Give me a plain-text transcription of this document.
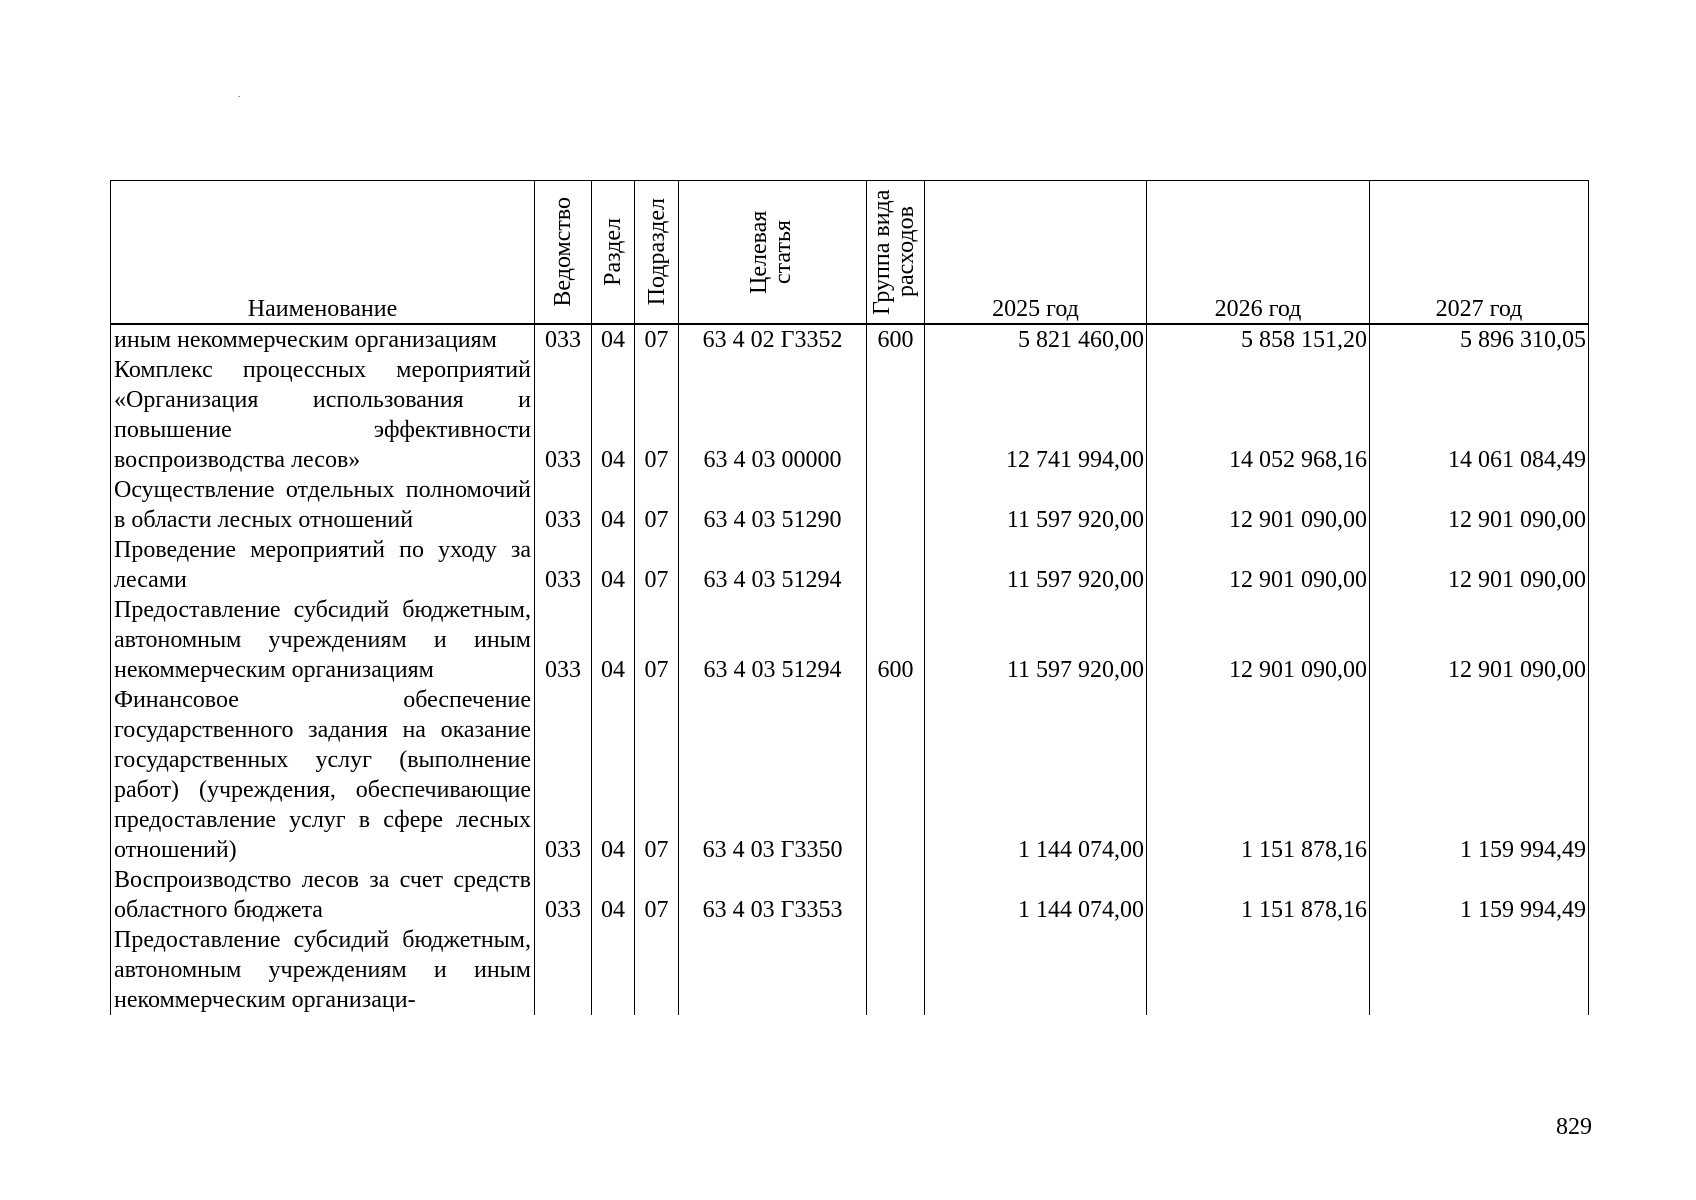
Наименование	Ведомство	Раздел	Подраздел	Целевая статья	Группа вида расходов	2025 год	2026 год	2027 год
иным некоммерческим организациям	033	04	07	63 4 02 Г3352	600	5 821 460,00	5 858 151,20	5 896 310,05
Комплекс процессных мероприятий «Организация использования и повышение эффективности воспроизводства лесов»	033	04	07	63 4 03 00000		12 741 994,00	14 052 968,16	14 061 084,49
Осуществление отдельных полномочий в области лесных отношений	033	04	07	63 4 03 51290		11 597 920,00	12 901 090,00	12 901 090,00
Проведение мероприятий по уходу за лесами	033	04	07	63 4 03 51294		11 597 920,00	12 901 090,00	12 901 090,00
Предоставление субсидий бюджетным, автономным учреждениям и иным некоммерческим организациям	033	04	07	63 4 03 51294	600	11 597 920,00	12 901 090,00	12 901 090,00
Финансовое обеспечение государственного задания на оказание государственных услуг (выполнение работ) (учреждения, обеспечивающие предоставление услуг в сфере лесных отношений)	033	04	07	63 4 03 Г3350		1 144 074,00	1 151 878,16	1 159 994,49
Воспроизводство лесов за счет средств областного бюджета	033	04	07	63 4 03 Г3353		1 144 074,00	1 151 878,16	1 159 994,49
Предоставление субсидий бюджетным, автономным учреждениям и иным некоммерческим организаци-								
829
